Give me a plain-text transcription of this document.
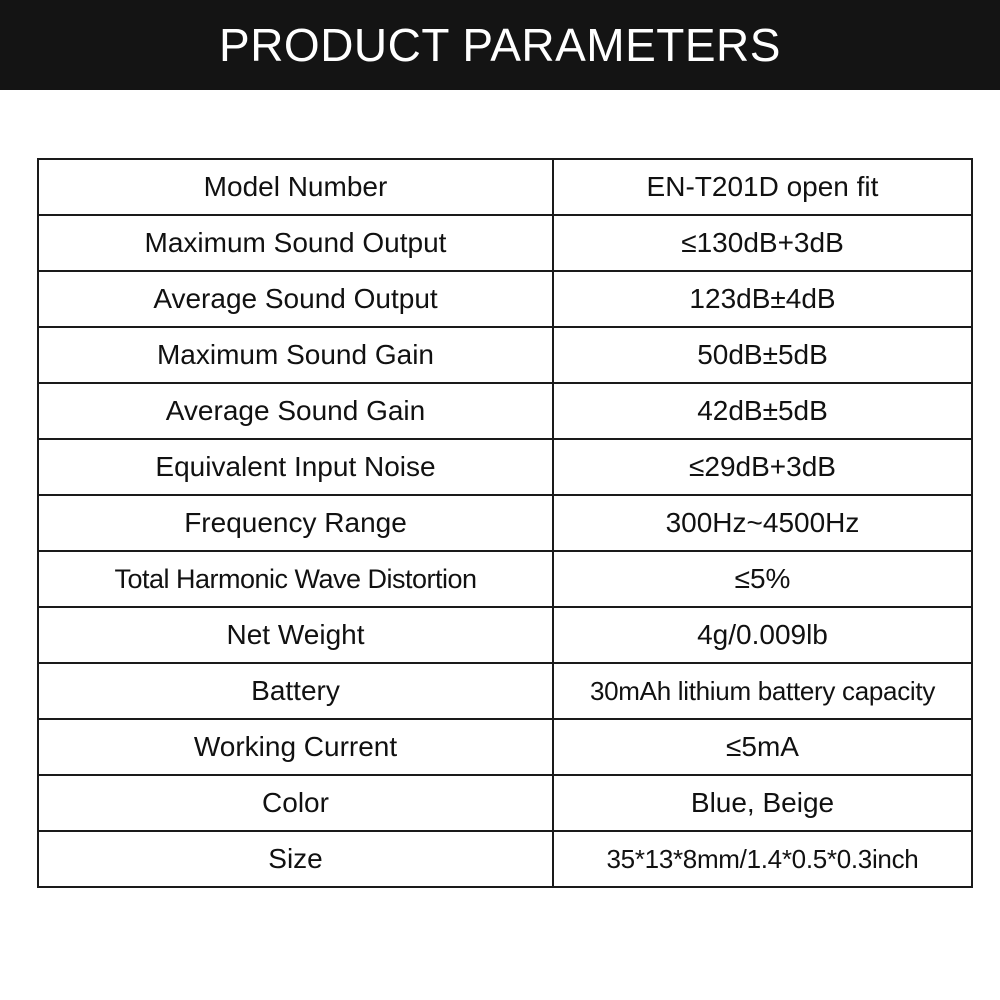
PRODUCT PARAMETERS
Model Number	EN-T201D open fit
Maximum Sound Output	≤130dB+3dB
Average Sound Output	123dB±4dB
Maximum Sound Gain	50dB±5dB
Average Sound Gain	42dB±5dB
Equivalent Input Noise	≤29dB+3dB
Frequency Range	300Hz~4500Hz
Total Harmonic Wave Distortion	≤5%
Net Weight	4g/0.009lb
Battery	30mAh lithium battery capacity
Working Current	≤5mA
Color	Blue, Beige
Size	35*13*8mm/1.4*0.5*0.3inch
